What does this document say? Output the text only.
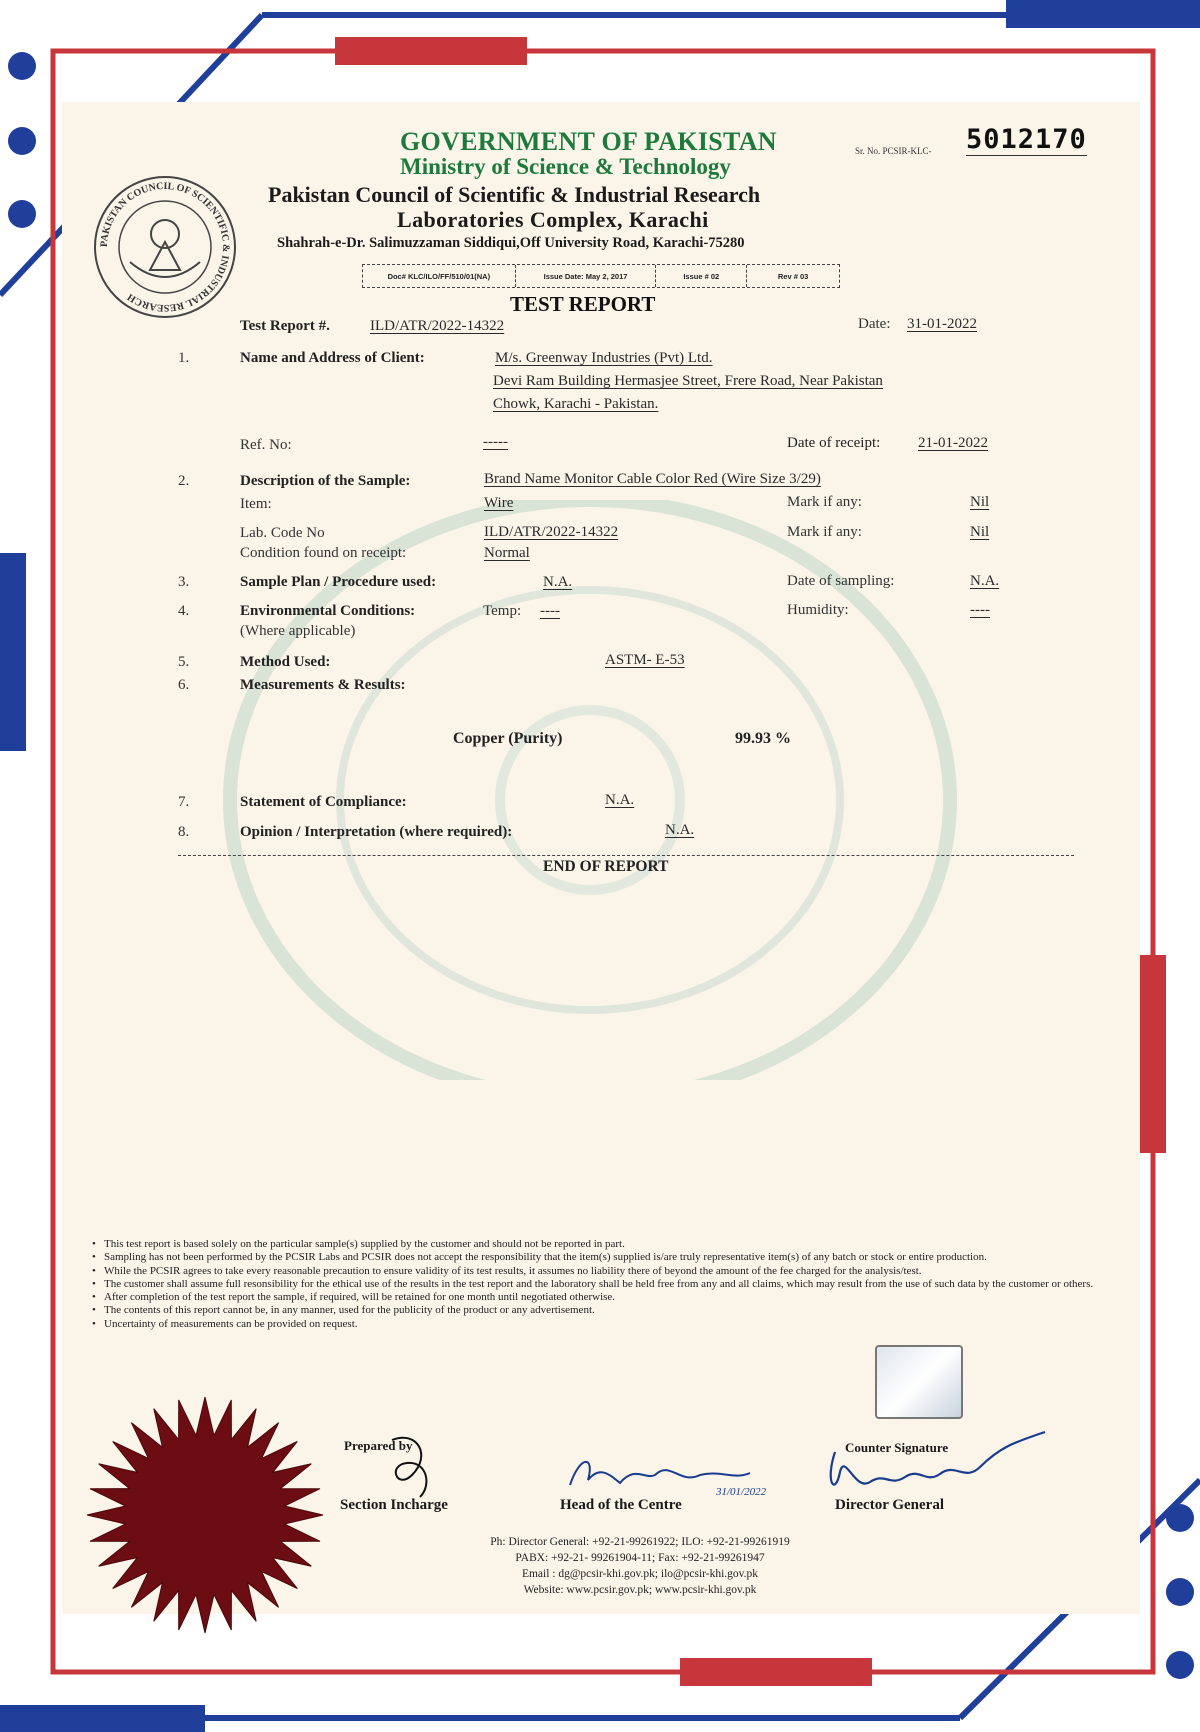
PAKISTAN COUNCIL OF SCIENTIFIC & INDUSTRIAL RESEARCH
GOVERNMENT OF PAKISTAN
Ministry of Science & Technology
Pakistan Council of Scientific & Industrial Research
Laboratories Complex, Karachi
Shahrah-e-Dr. Salimuzzaman Siddiqui,Off University Road, Karachi-75280
Sr. No. PCSIR-KLC- 5012170
Doc# KLC/ILO/FF/510/01(NA)	Issue Date: May 2, 2017	Issue # 02	Rev # 03
TEST REPORT
Test Report #.	ILD/ATR/2022-14322	Date: 31-01-2022
1.	Name and Address of Client:	M/s. Greenway Industries (Pvt) Ltd.
Devi Ram Building Hermasjee Street, Frere Road, Near Pakistan
Chowk, Karachi - Pakistan.
Ref. No:	-----	Date of receipt:	21-01-2022
2.	Description of the Sample:	Brand Name Monitor Cable Color Red (Wire Size 3/29)
Item:	Wire	Mark if any:	Nil
Lab. Code No	ILD/ATR/2022-14322	Mark if any:	Nil
Condition found on receipt:	Normal
3.	Sample Plan / Procedure used:	N.A.	Date of sampling:	N.A.
4.	Environmental Conditions:
(Where applicable)
Temp: ----	Humidity:	----
5.	Method Used:	ASTM- E-53
6.	Measurements & Results:
Copper (Purity)	99.93 %
7.	Statement of Compliance:	N.A.
8.	Opinion / Interpretation (where required):	N.A.
END OF REPORT
• This test report is based solely on the particular sample(s) supplied by the customer and should not be reported in part.
• Sampling has not been performed by the PCSIR Labs and PCSIR does not accept the responsibility that the item(s) supplied is/are truly representative item(s) of any batch or stock or entire production.
• While the PCSIR agrees to take every reasonable precaution to ensure validity of its test results, it assumes no liability there of beyond the amount of the fee charged for the analysis/test.
• The customer shall assume full resonsibility for the ethical use of the results in the test report and the laboratory shall be held free from any and all claims, which may result from the use of such data by the customer or others.
• After completion of the test report the sample, if required, will be retained for one month until negotiated otherwise.
• The contents of this report cannot be, in any manner, used for the publicity of the product or any advertisement.
• Uncertainty of measurements can be provided on request.
Prepared by
Section Incharge
31/01/2022
Head of the Centre
Counter Signature
Director General
Ph: Director General: +92-21-99261922; ILO: +92-21-99261919
PABX: +92-21- 99261904-11; Fax: +92-21-99261947
Email : dg@pcsir-khi.gov.pk; ilo@pcsir-khi.gov.pk
Website: www.pcsir.gov.pk; www.pcsir-khi.gov.pk
